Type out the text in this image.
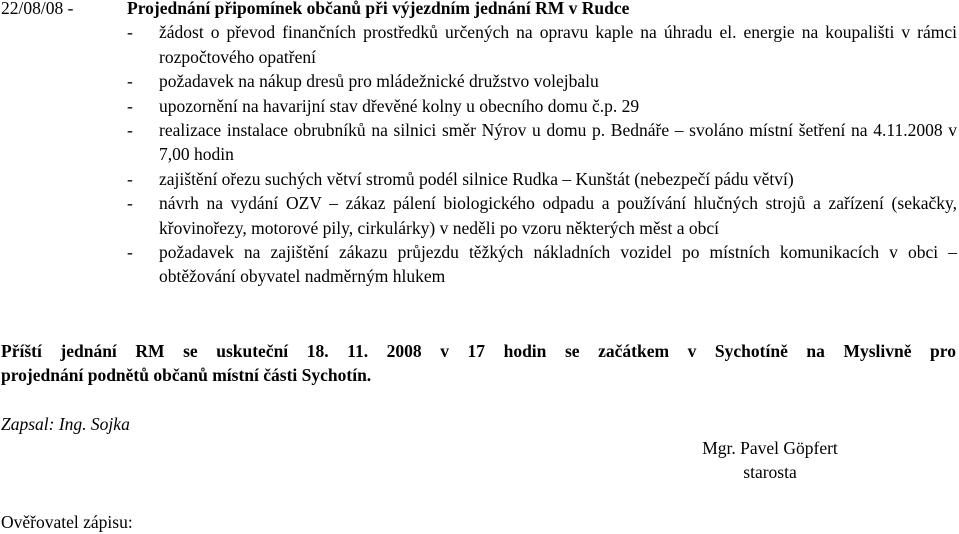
22/08/08 -	Projednání připomínek občanů při výjezdním jednání RM v Rudce
- žádost o převod finančních prostředků určených na opravu kaple na úhradu el. energie na koupališti v rámci rozpočtového opatření
- požadavek na nákup dresů pro mládežnické družstvo volejbalu
- upozornění na havarijní stav dřevěné kolny u obecního domu č.p. 29
- realizace instalace obrubníků na silnici směr Nýrov u domu p. Bednáře – svoláno místní šetření na 4.11.2008 v 7,00 hodin
- zajištění ořezu suchých větví stromů podél silnice Rudka – Kunštát (nebezpečí pádu větví)
- návrh na vydání OZV – zákaz pálení biologického odpadu a používání hlučných strojů a zařízení (sekačky, křovinořezy, motorové pily, cirkulárky) v neděli po vzoru některých měst a obcí
- požadavek na zajištění zákazu průjezdu těžkých nákladních vozidel po místních komunikacích v obci – obtěžování obyvatel nadměrným hlukem
Příští jednání RM se uskuteční 18. 11. 2008 v 17 hodin se začátkem v Sychotíně na Myslivně pro
projednání podnětů občanů místní části Sychotín.
Zapsal: Ing. Sojka
Mgr. Pavel Göpfert
starosta
Ověřovatel zápisu:
